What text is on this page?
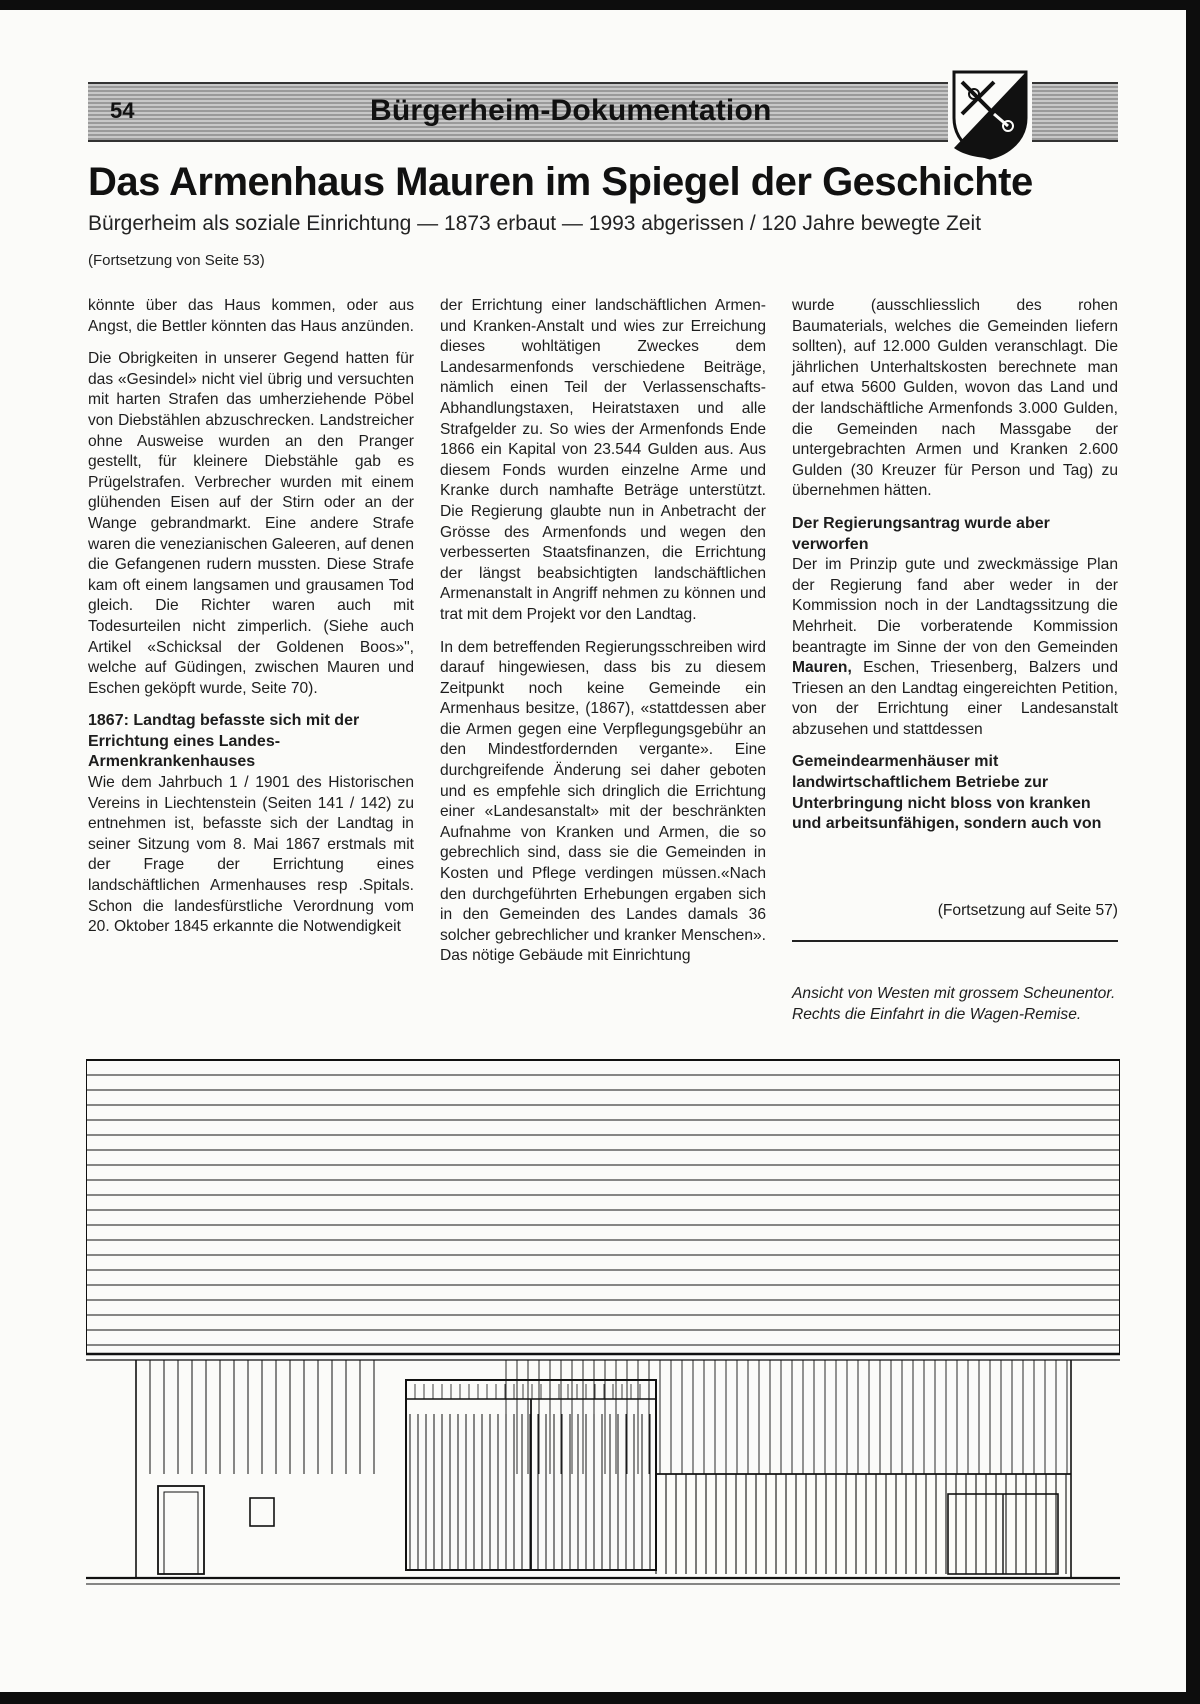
54	Bürgerheim-Dokumentation
Das Armenhaus Mauren im Spiegel der Geschichte
Bürgerheim als soziale Einrichtung — 1873 erbaut — 1993 abgerissen / 120 Jahre bewegte Zeit
(Fortsetzung von Seite 53)

könnte über das Haus kommen, oder aus Angst, die Bettler könnten das Haus anzünden.

Die Obrigkeiten in unserer Gegend hatten für das «Gesindel» nicht viel übrig und versuchten mit harten Strafen das umherziehende Pöbel von Diebstählen abzuschrecken. Landstreicher ohne Ausweise wurden an den Pranger gestellt, für kleinere Diebstähle gab es Prügelstrafen. Verbrecher wurden mit einem glühenden Eisen auf der Stirn oder an der Wange gebrandmarkt. Eine andere Strafe waren die venezianischen Galeeren, auf denen die Gefangenen rudern mussten. Diese Strafe kam oft einem langsamen und grausamen Tod gleich. Die Richter waren auch mit Todesurteilen nicht zimperlich. (Siehe auch Artikel «Schicksal der Goldenen Boos»", welche auf Güdingen, zwischen Mauren und Eschen geköpft wurde, Seite 70).

1867: Landtag befasste sich mit der Errichtung eines Landes-Armenkrankenhauses

Wie dem Jahrbuch 1 / 1901 des Historischen Vereins in Liechtenstein (Seiten 141 / 142) zu entnehmen ist, befasste sich der Landtag in seiner Sitzung vom 8. Mai 1867 erstmals mit der Frage der Errichtung eines landschäftlichen Armenhauses resp .Spitals. Schon die landesfürstliche Verordnung vom 20. Oktober 1845 erkannte die Notwendigkeit

der Errichtung einer landschäftlichen Armen- und Kranken-Anstalt und wies zur Erreichung dieses wohltätigen Zweckes dem Landesarmenfonds verschiedene Beiträge, nämlich einen Teil der Verlassenschafts-Abhandlungstaxen, Heiratstaxen und alle Strafgelder zu. So wies der Armenfonds Ende 1866 ein Kapital von 23.544 Gulden aus. Aus diesem Fonds wurden einzelne Arme und Kranke durch namhafte Beträge unterstützt. Die Regierung glaubte nun in Anbetracht der Grösse des Armenfonds und wegen den verbesserten Staatsfinanzen, die Errichtung der längst beabsichtigten landschäftlichen Armenanstalt in Angriff nehmen zu können und trat mit dem Projekt vor den Landtag.

In dem betreffenden Regierungsschreiben wird darauf hingewiesen, dass bis zu diesem Zeitpunkt noch keine Gemeinde ein Armenhaus besitze, (1867), «stattdessen aber die Armen gegen eine Verpflegungsgebühr an den Mindestfordernden vergante». Eine durchgreifende Änderung sei daher geboten und es empfehle sich dringlich die Errichtung einer «Landesanstalt» mit der beschränkten Aufnahme von Kranken und Armen, die so gebrechlich sind, dass sie die Gemeinden in Kosten und Pflege verdingen müssen.«Nach den durchgeführten Erhebungen ergaben sich in den Gemeinden des Landes damals 36 solcher gebrechlicher und kranker Menschen». Das nötige Gebäude mit Einrichtung

wurde (ausschliesslich des rohen Baumaterials, welches die Gemeinden liefern sollten), auf 12.000 Gulden veranschlagt. Die jährlichen Unterhaltskosten berechnete man auf etwa 5600 Gulden, wovon das Land und der landschäftliche Armenfonds 3.000 Gulden, die Gemeinden nach Massgabe der untergebrachten Armen und Kranken 2.600 Gulden (30 Kreuzer für Person und Tag) zu übernehmen hätten.

Der Regierungsantrag wurde aber verworfen

Der im Prinzip gute und zweckmässige Plan der Regierung fand aber weder in der Kommission noch in der Landtagssitzung die Mehrheit. Die vorberatende Kommission beantragte im Sinne der von den Gemeinden Mauren, Eschen, Triesenberg, Balzers und Triesen an den Landtag eingereichten Petition, von der Errichtung einer Landesanstalt abzusehen und stattdessen

Gemeindearmenhäuser mit landwirtschaftlichem Betriebe zur Unterbringung nicht bloss von kranken und arbeitsunfähigen, sondern auch von
(Fortsetzung auf Seite 57)
Ansicht von Westen mit grossem Scheunentor. Rechts die Einfahrt in die Wagen-Remise.
